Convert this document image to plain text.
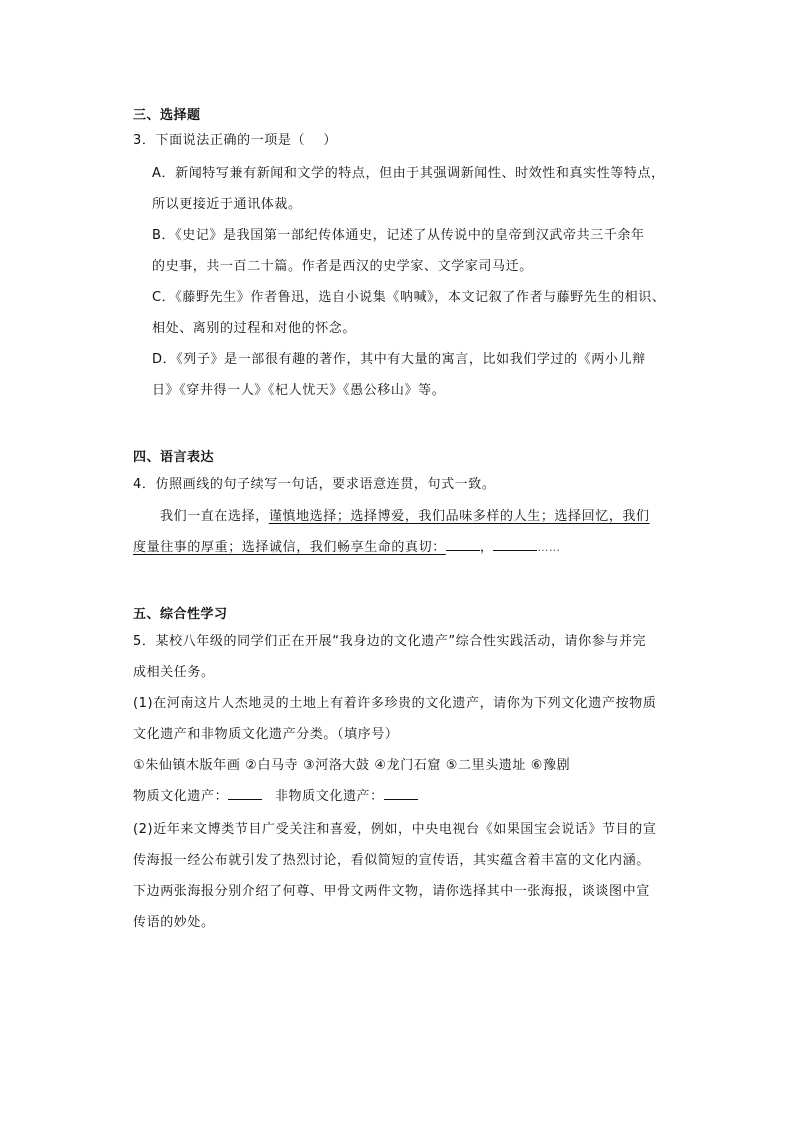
三、选择题
3．下面说法正确的一项是（ 　）
A．新闻特写兼有新闻和文学的特点，但由于其强调新闻性、时效性和真实性等特点，
所以更接近于通讯体裁。
B．《史记》是我国第一部纪传体通史，记述了从传说中的皇帝到汉武帝共三千余年
的史事，共一百二十篇。作者是西汉的史学家、文学家司马迁。
C．《藤野先生》作者鲁迅，选自小说集《呐喊》，本文记叙了作者与藤野先生的相识、
相处、离别的过程和对他的怀念。
D．《列子》是一部很有趣的著作，其中有大量的寓言，比如我们学过的《两小儿辩
日》《穿井得一人》《杞人忧天》《愚公移山》等。
四、语言表达
4．仿照画线的句子续写一句话，要求语意连贯，句式一致。
我们一直在选择，谨慎地选择；选择博爱，我们品味多样的人生；选择回忆，我们
度量往事的厚重；选择诚信，我们畅享生命的真切：	，	……
五、综合性学习
5．某校八年级的同学们正在开展“我身边的文化遗产”综合性实践活动，请你参与并完
成相关任务。
(1)在河南这片人杰地灵的土地上有着许多珍贵的文化遗产，请你为下列文化遗产按物质
文化遗产和非物质文化遗产分类。（填序号）
①朱仙镇木版年画 ②白马寺 ③河洛大鼓 ④龙门石窟 ⑤二里头遗址 ⑥豫剧
物质文化遗产：	非物质文化遗产：
(2)近年来文博类节目广受关注和喜爱，例如，中央电视台《如果国宝会说话》节目的宣
传海报一经公布就引发了热烈讨论，看似简短的宣传语，其实蕴含着丰富的文化内涵。
下边两张海报分别介绍了何尊、甲骨文两件文物，请你选择其中一张海报，谈谈图中宣
传语的妙处。
